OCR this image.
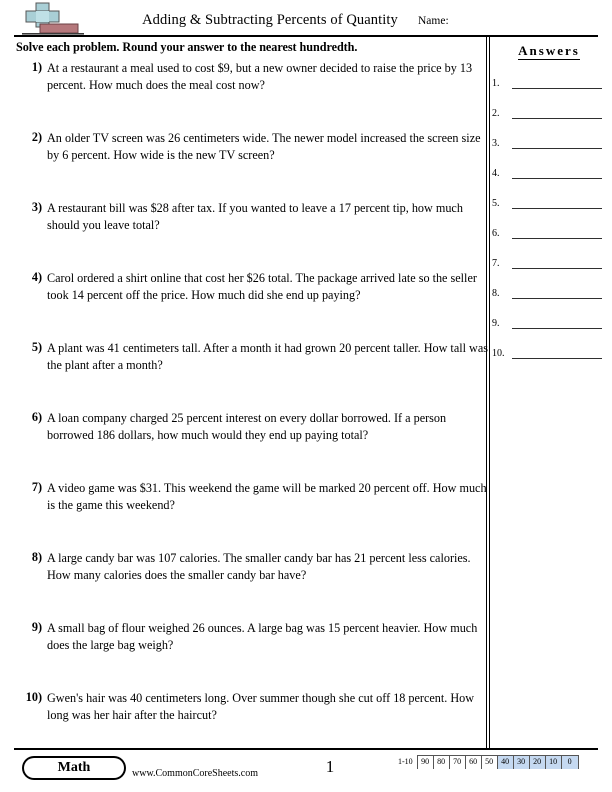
Adding & Subtracting Percents of Quantity	Name:
Solve each problem. Round your answer to the nearest hundredth.
1) At a restaurant a meal used to cost $9, but a new owner decided to raise the price by 13 percent. How much does the meal cost now?
2) An older TV screen was 26 centimeters wide. The newer model increased the screen size by 6 percent. How wide is the new TV screen?
3) A restaurant bill was $28 after tax. If you wanted to leave a 17 percent tip, how much should you leave total?
4) Carol ordered a shirt online that cost her $26 total. The package arrived late so the seller took 14 percent off the price. How much did she end up paying?
5) A plant was 41 centimeters tall. After a month it had grown 20 percent taller. How tall was the plant after a month?
6) A loan company charged 25 percent interest on every dollar borrowed. If a person borrowed 186 dollars, how much would they end up paying total?
7) A video game was $31. This weekend the game will be marked 20 percent off. How much is the game this weekend?
8) A large candy bar was 107 calories. The smaller candy bar has 21 percent less calories. How many calories does the smaller candy bar have?
9) A small bag of flour weighed 26 ounces. A large bag was 15 percent heavier. How much does the large bag weigh?
10) Gwen's hair was 40 centimeters long. Over summer though she cut off 18 percent. How long was her hair after the haircut?
Answers
1.
2.
3.
4.
5.
6.
7.
8.
9.
10.
Math	www.CommonCoreSheets.com	1	1-10	90	80	70	60	50	40	30	20	10	0
